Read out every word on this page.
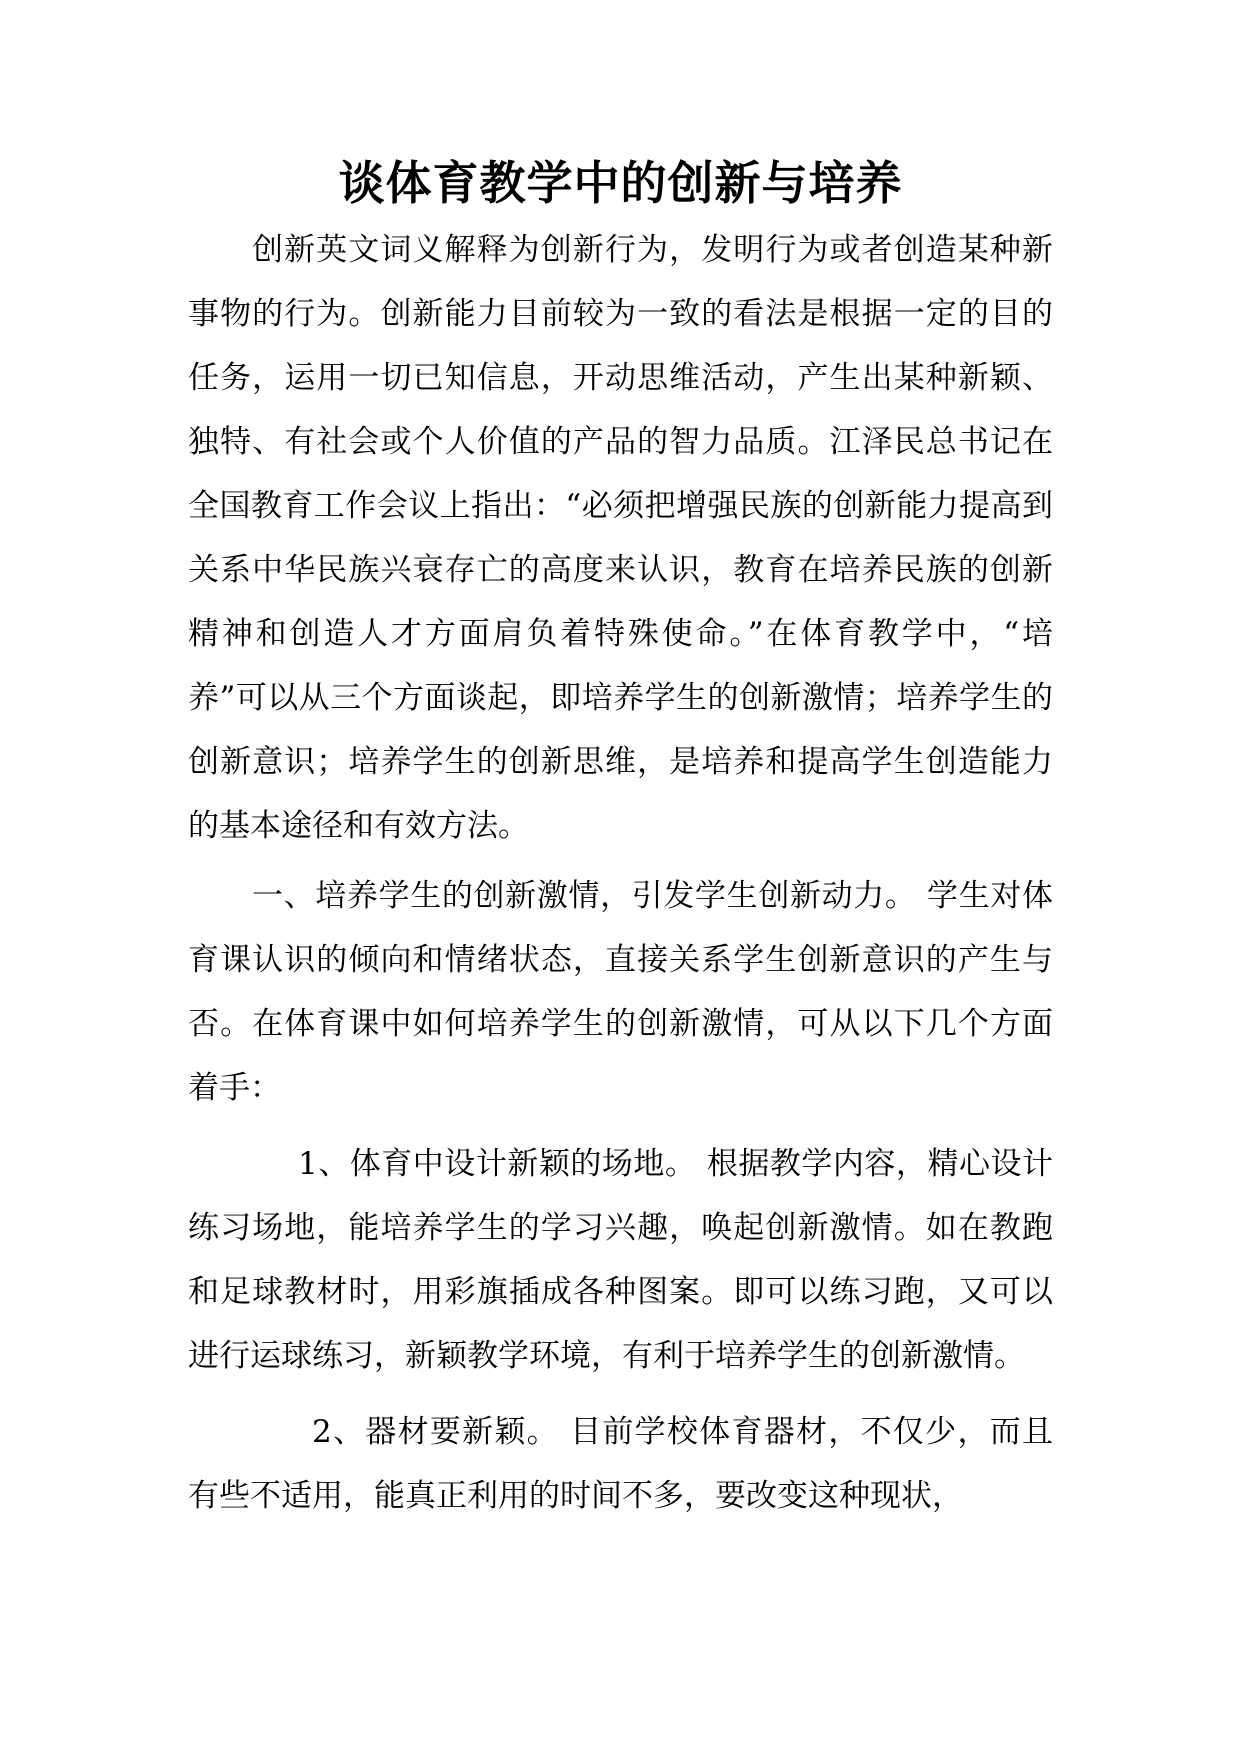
谈体育教学中的创新与培养

创新英文词义解释为创新行为，发明行为或者创造某种新事物的行为。创新能力目前较为一致的看法是根据一定的目的任务，运用一切已知信息，开动思维活动，产生出某种新颖、独特、有社会或个人价值的产品的智力品质。江泽民总书记在全国教育工作会议上指出：“必须把增强民族的创新能力提高到关系中华民族兴衰存亡的高度来认识，教育在培养民族的创新精神和创造人才方面肩负着特殊使命。”在体育教学中，“培养”可以从三个方面谈起，即培养学生的创新激情；培养学生的创新意识；培养学生的创新思维，是培养和提高学生创造能力的基本途径和有效方法。

一、培养学生的创新激情，引发学生创新动力。 学生对体育课认识的倾向和情绪状态，直接关系学生创新意识的产生与否。在体育课中如何培养学生的创新激情，可从以下几个方面着手：

1、体育中设计新颖的场地。 根据教学内容，精心设计练习场地，能培养学生的学习兴趣，唤起创新激情。如在教跑和足球教材时，用彩旗插成各种图案。即可以练习跑，又可以进行运球练习，新颖教学环境，有利于培养学生的创新激情。

2、器材要新颖。 目前学校体育器材，不仅少，而且有些不适用，能真正利用的时间不多，要改变这种现状，
